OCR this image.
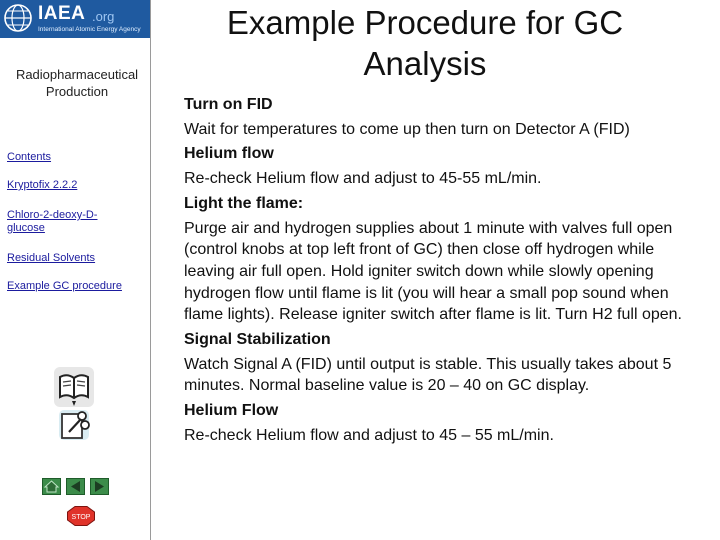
IAEA .org
International Atomic Energy Agency
Radiopharmaceutical Production
Contents
Kryptofix 2.2.2
Chloro-2-deoxy-D-glucose
Residual Solvents
Example GC procedure
STOP
Example Procedure for GC Analysis

Turn on FID

Wait for temperatures to come up then turn on Detector A (FID)

Helium flow

Re-check Helium flow and adjust to 45-55 mL/min.

Light the flame:

Purge air and hydrogen supplies about 1 minute with valves full open (control knobs at top left front of GC) then close off hydrogen while leaving air full open. Hold igniter switch down while slowly opening hydrogen flow until flame is lit (you will hear a small pop sound when flame lights). Release igniter switch after flame is lit. Turn H2 full open.

Signal Stabilization

Watch Signal A (FID) until output is stable. This usually takes about 5 minutes. Normal baseline value is 20 – 40 on GC display.

Helium Flow

Re-check Helium flow and adjust to 45 – 55 mL/min.
